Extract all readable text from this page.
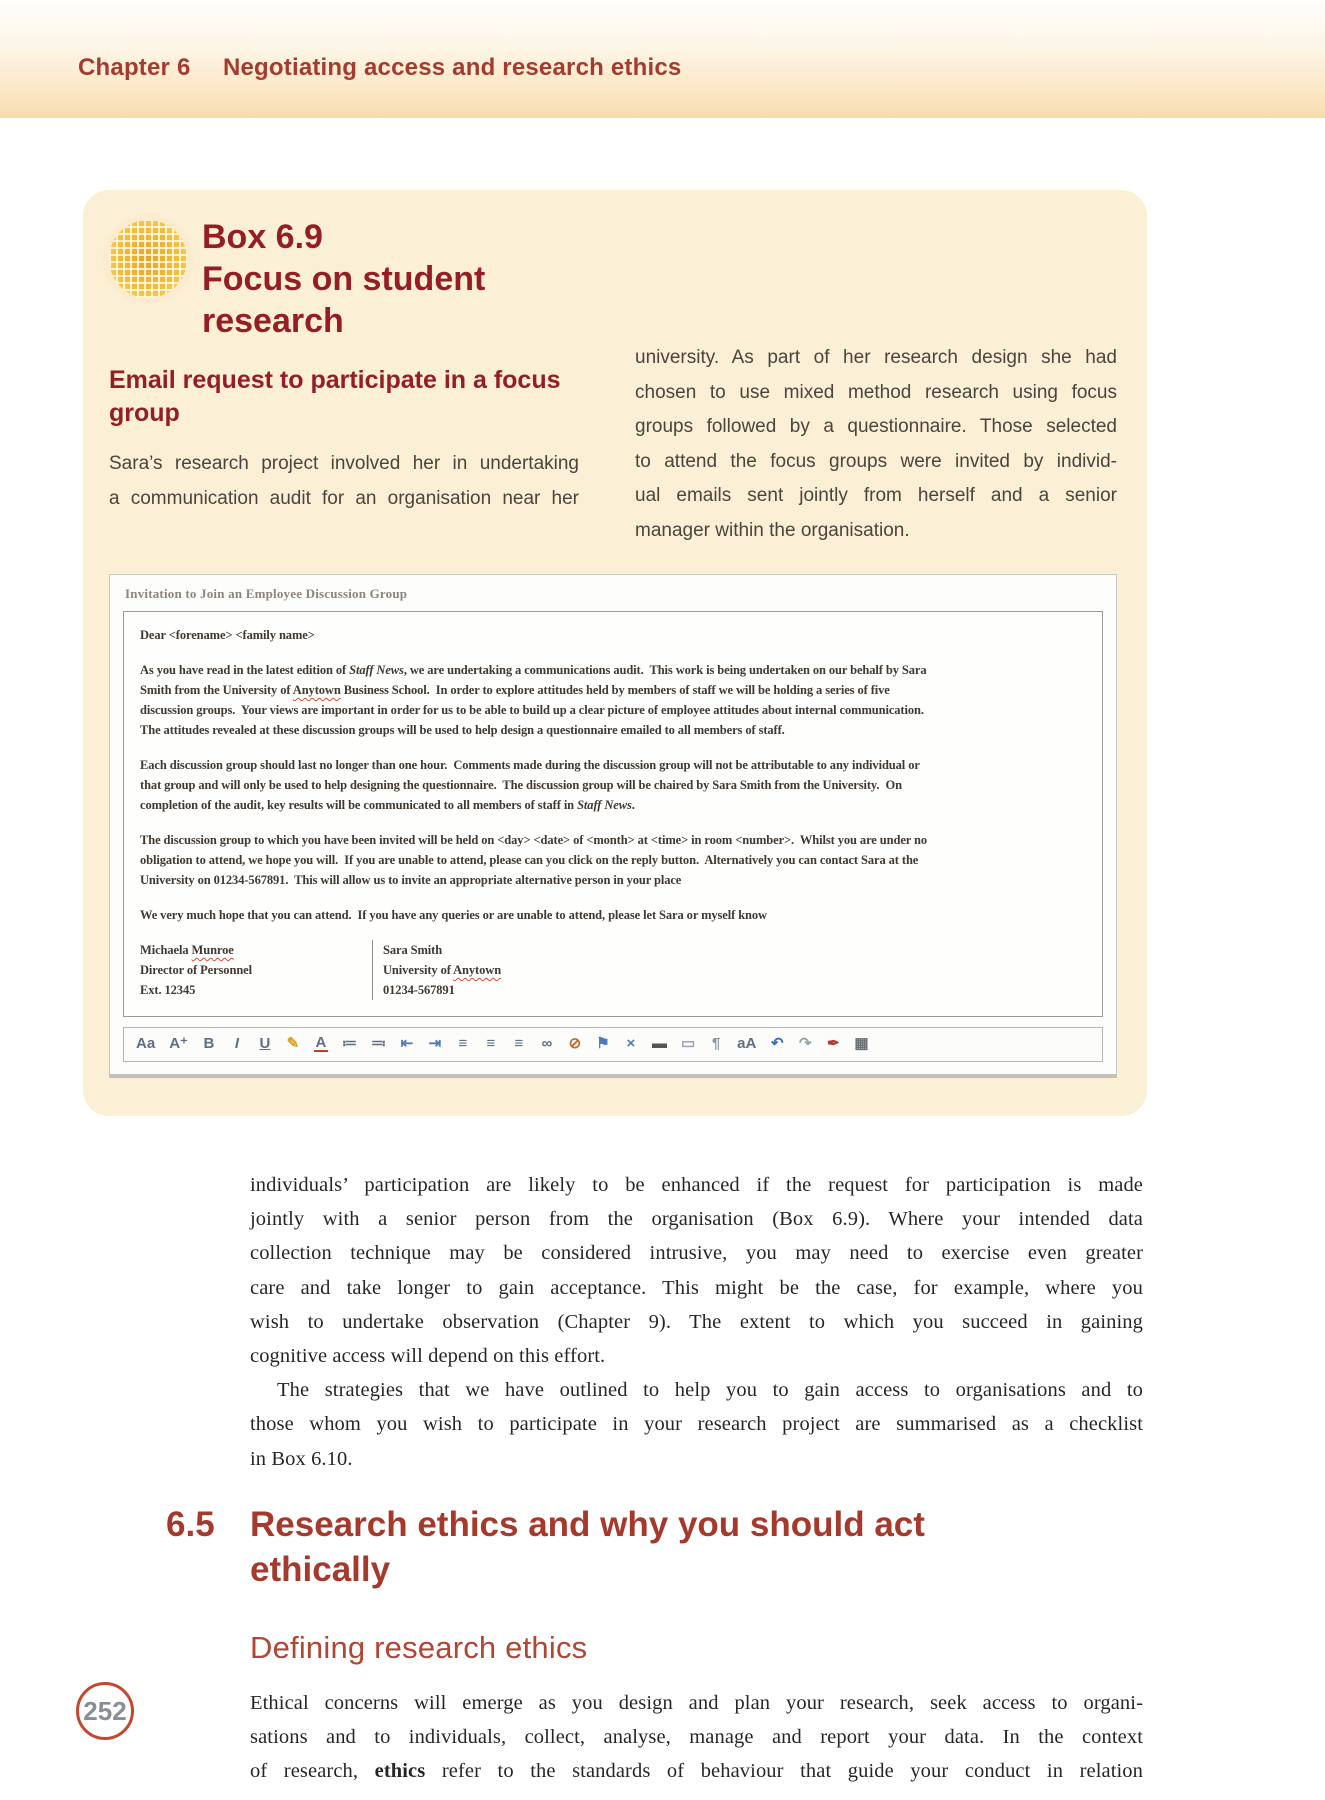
Chapter 6 Negotiating access and research ethics
Box 6.9
Focus on student research
Email request to participate in a focus group
Sara’s research project involved her in undertaking
a communication audit for an organisation near her
university. As part of her research design she had
chosen to use mixed method research using focus
groups followed by a questionnaire. Those selected
to attend the focus groups were invited by individ-
ual emails sent jointly from herself and a senior
manager within the organisation.
Invitation to Join an Employee Discussion Group
Dear <forename> <family name>
As you have read in the latest edition of Staff News, we are undertaking a communications audit.  This work is being undertaken on our behalf by Sara
Smith from the University of Anytown Business School.  In order to explore attitudes held by members of staff we will be holding a series of five
discussion groups.  Your views are important in order for us to be able to build up a clear picture of employee attitudes about internal communication.
The attitudes revealed at these discussion groups will be used to help design a questionnaire emailed to all members of staff.
Each discussion group should last no longer than one hour.  Comments made during the discussion group will not be attributable to any individual or
that group and will only be used to help designing the questionnaire.  The discussion group will be chaired by Sara Smith from the University.  On
completion of the audit, key results will be communicated to all members of staff in Staff News.
The discussion group to which you have been invited will be held on <day> <date> of <month> at <time> in room <number>.  Whilst you are under no
obligation to attend, we hope you will.  If you are unable to attend, please can you click on the reply button.  Alternatively you can contact Sara at the
University on 01234-567891.  This will allow us to invite an appropriate alternative person in your place
We very much hope that you can attend.  If you have any queries or are unable to attend, please let Sara or myself know
Michaela Munroe
Director of Personnel
Ext. 12345
Sara Smith
University of Anytown
01234-567891
Aa A⁺ B	I	U ✎ A ≔ ≕ ⇤ ⇥ ≡ ≡ ≡ ∞ ⊘ ⚑ × ▬ ▭ ¶ aA ↶ ↷ ✒ ▦
individuals’ participation are likely to be enhanced if the request for participation is made
jointly with a senior person from the organisation (Box 6.9). Where your intended data
collection technique may be considered intrusive, you may need to exercise even greater
care and take longer to gain acceptance. This might be the case, for example, where you
wish to undertake observation (Chapter 9). The extent to which you succeed in gaining
cognitive access will depend on this effort.
The strategies that we have outlined to help you to gain access to organisations and to
those whom you wish to participate in your research project are summarised as a checklist
in Box 6.10.
6.5 Research ethics and why you should act ethically
Defining research ethics
Ethical concerns will emerge as you design and plan your research, seek access to organi-
sations and to individuals, collect, analyse, manage and report your data. In the context
of research, ethics refer to the standards of behaviour that guide your conduct in relation
252
